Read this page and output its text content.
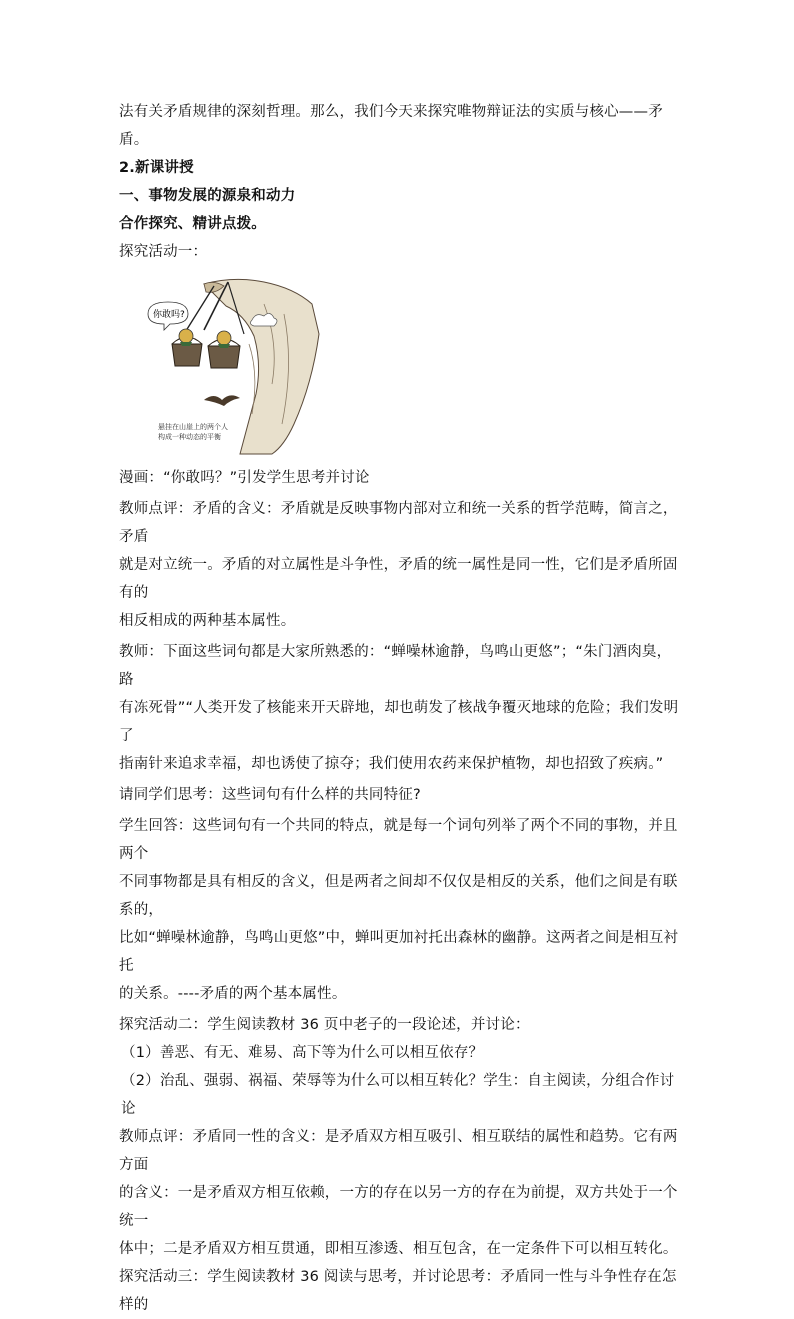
法有关矛盾规律的深刻哲理。那么，我们今天来探究唯物辩证法的实质与核心——矛盾。

2.新课讲授

一、事物发展的源泉和动力

合作探究、精讲点拨。

探究活动一：

你敢吗?
悬挂在山崖上的两个人
构成一种动态的平衡

漫画：“你敢吗？”引发学生思考并讨论

教师点评：矛盾的含义：矛盾就是反映事物内部对立和统一关系的哲学范畴，简言之，矛盾

就是对立统一。矛盾的对立属性是斗争性，矛盾的统一属性是同一性，它们是矛盾所固有的

相反相成的两种基本属性。

教师：下面这些词句都是大家所熟悉的：“蝉噪林逾静，鸟鸣山更悠”；“朱门酒肉臭，路

有冻死骨”“人类开发了核能来开天辟地，却也萌发了核战争覆灭地球的危险；我们发明了

指南针来追求幸福，却也诱使了掠夺；我们使用农药来保护植物，却也招致了疾病。”

请同学们思考：这些词句有什么样的共同特征?

学生回答：这些词句有一个共同的特点，就是每一个词句列举了两个不同的事物，并且两个

不同事物都是具有相反的含义，但是两者之间却不仅仅是相反的关系，他们之间是有联系的，

比如“蝉噪林逾静，鸟鸣山更悠”中，蝉叫更加衬托出森林的幽静。这两者之间是相互衬托

的关系。----矛盾的两个基本属性。

探究活动二：学生阅读教材 36 页中老子的一段论述，并讨论：

（1）善恶、有无、难易、高下等为什么可以相互依存？

（2）治乱、强弱、祸福、荣辱等为什么可以相互转化？学生：自主阅读，分组合作讨论

教师点评：矛盾同一性的含义：是矛盾双方相互吸引、相互联结的属性和趋势。它有两方面

的含义：一是矛盾双方相互依赖，一方的存在以另一方的存在为前提，双方共处于一个统一

体中；二是矛盾双方相互贯通，即相互渗透、相互包含，在一定条件下可以相互转化。

探究活动三：学生阅读教材 36 阅读与思考，并讨论思考：矛盾同一性与斗争性存在怎样的
